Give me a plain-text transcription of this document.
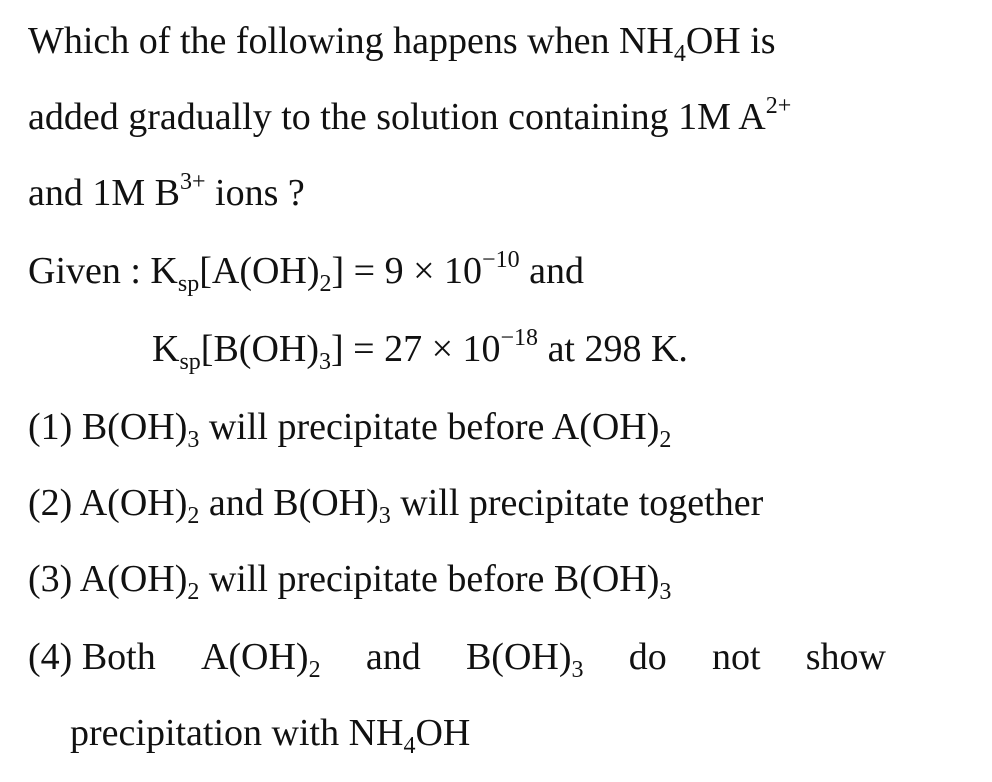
Which of the following happens when $NH_4OH$ is
added gradually to the solution containing 1M $A^{2+}$
and 1M $B^{3+}$ ions ?
Given : $K_{sp}[A(OH)_2] = 9 \times 10^{-10}$ and
$K_{sp}[B(OH)_3] = 27 \times 10^{-18}$ at 298 K.
(1) $B(OH)_3$ will precipitate before $A(OH)_2$
(2) $A(OH)_2$ and $B(OH)_3$ will precipitate together
(3) $A(OH)_2$ will precipitate before $B(OH)_3$
(4) Both $A(OH)_2$ and $B(OH)_3$ do not show
precipitation with $NH_4OH$
